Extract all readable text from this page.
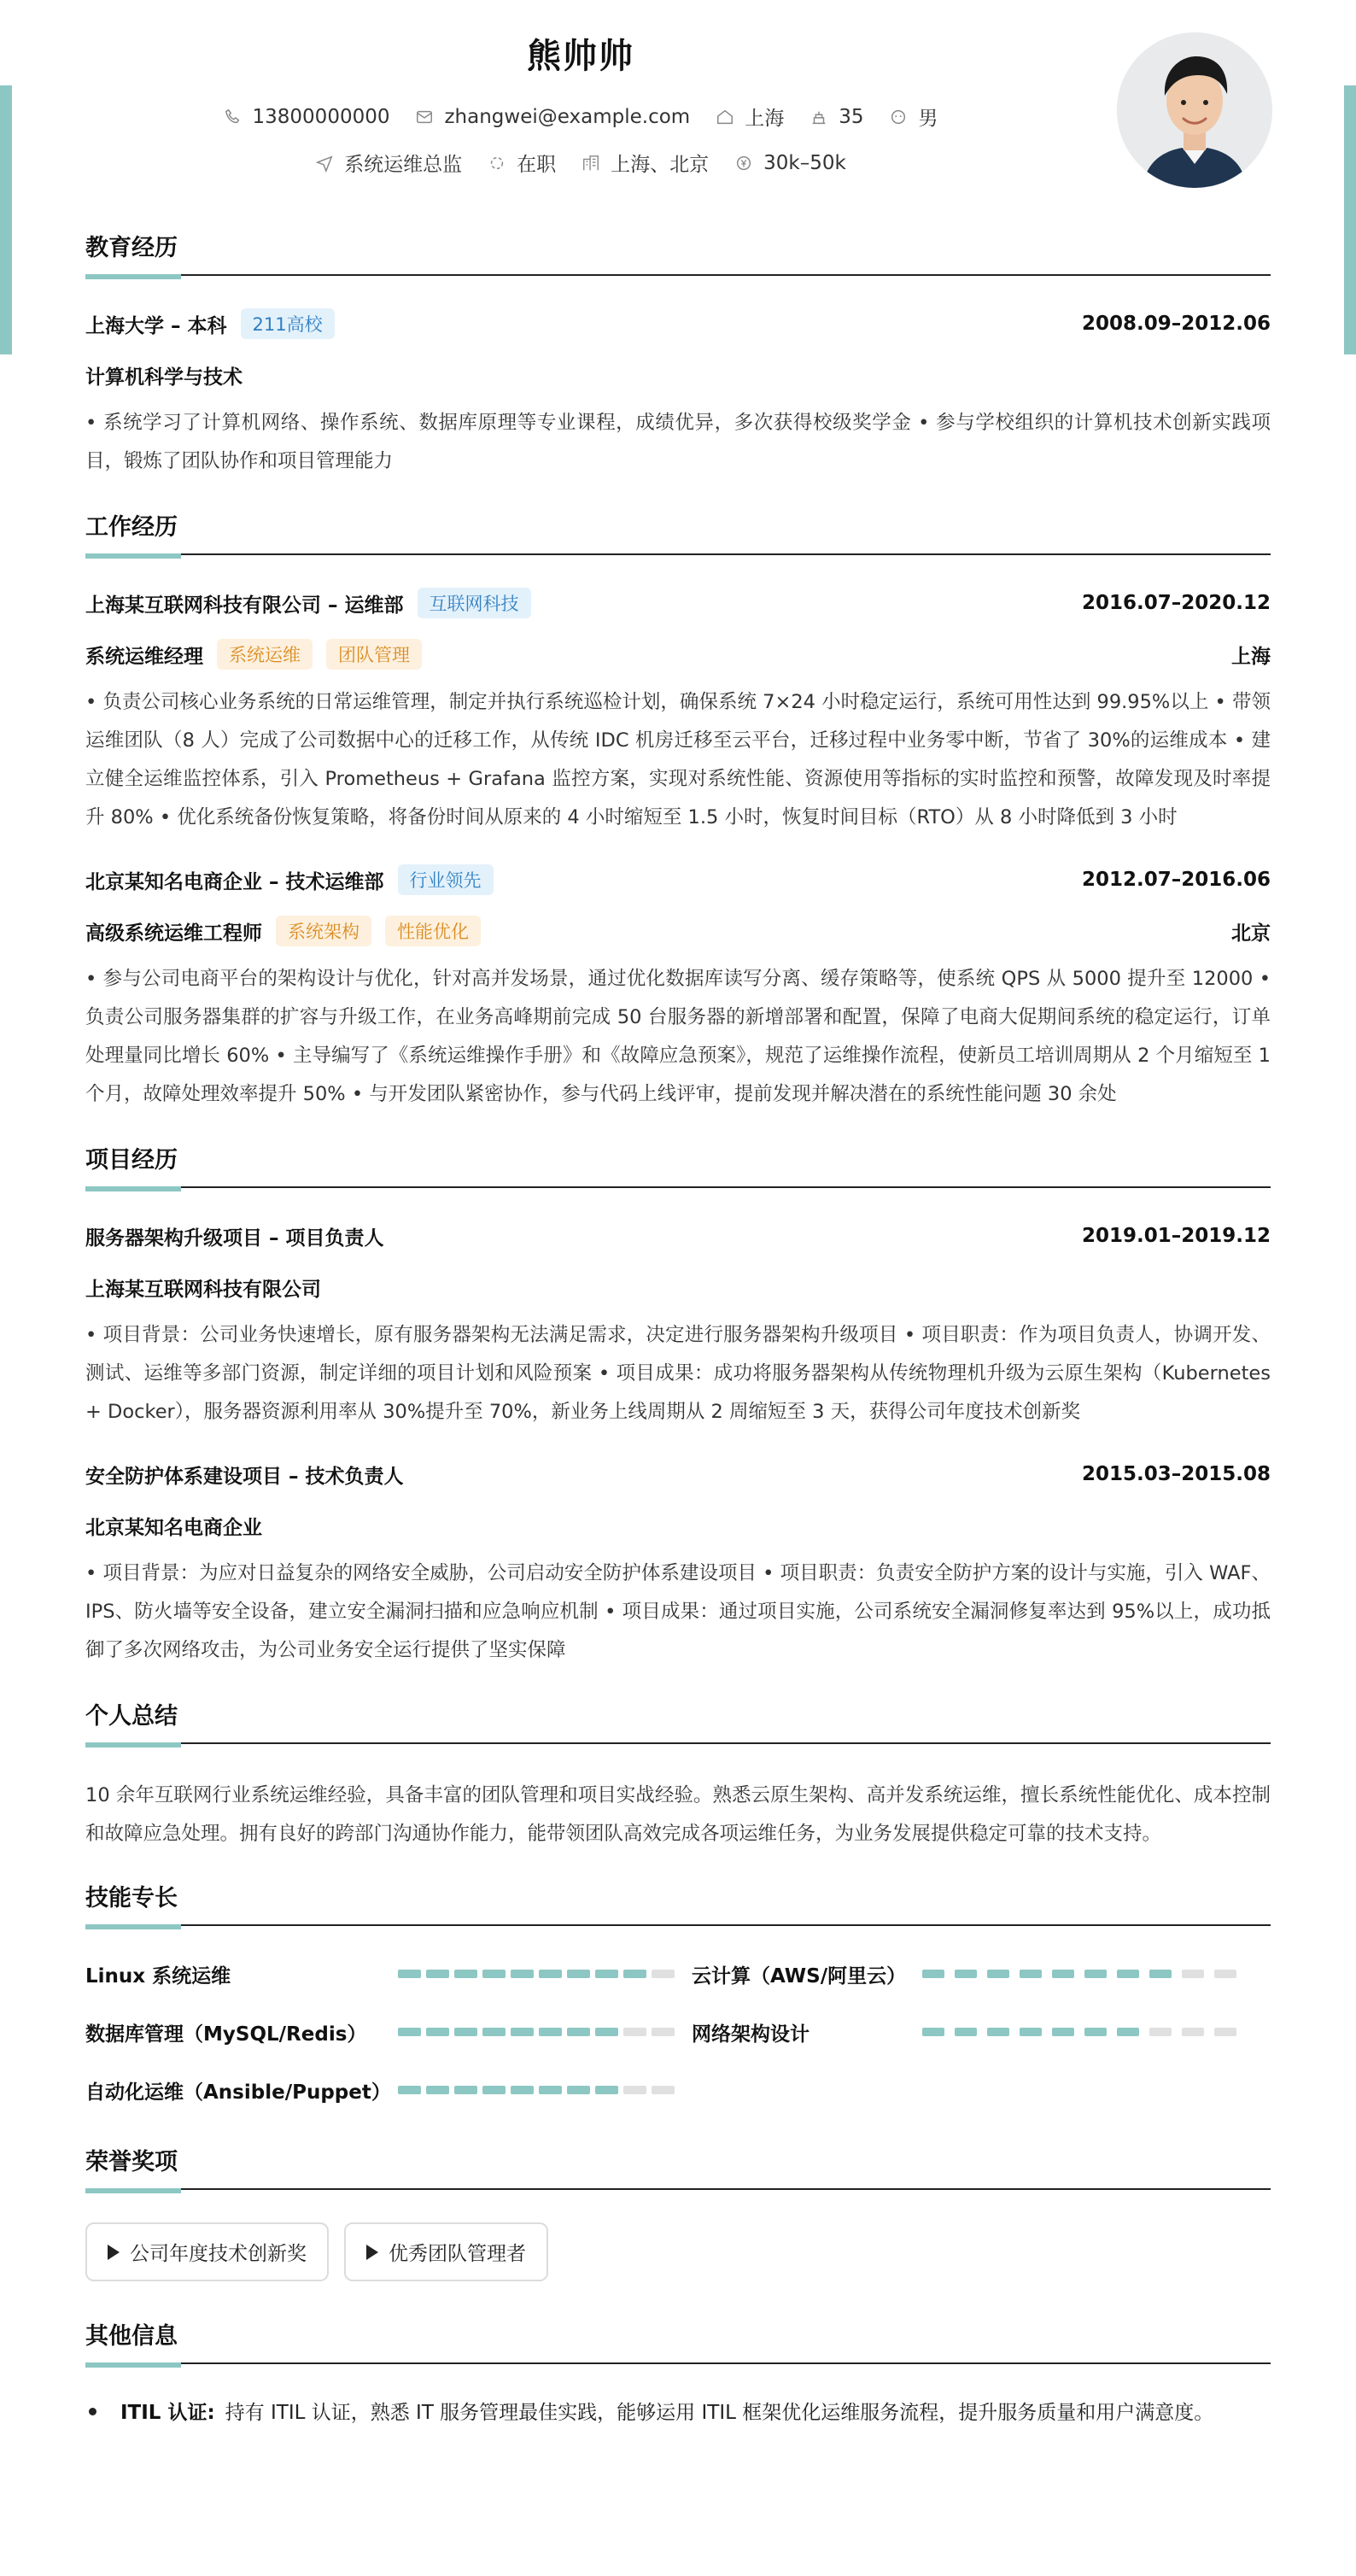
熊帅帅
13800000000	zhangwei@example.com	上海	35	男
系统运维总监	在职	上海、北京	30k–50k
教育经历
上海大学 – 本科	211高校	2008.09–2012.06
计算机科学与技术
• 系统学习了计算机网络、操作系统、数据库原理等专业课程，成绩优异，多次获得校级奖学金 • 参与学校组织的计算机技术创新实践项目，锻炼了团队协作和项目管理能力
工作经历
上海某互联网科技有限公司 – 运维部	互联网科技	2016.07–2020.12
系统运维经理	系统运维	团队管理	上海
• 负责公司核心业务系统的日常运维管理，制定并执行系统巡检计划，确保系统 7×24 小时稳定运行，系统可用性达到 99.95%以上 • 带领运维团队（8 人）完成了公司数据中心的迁移工作，从传统 IDC 机房迁移至云平台，迁移过程中业务零中断，节省了 30%的运维成本 • 建立健全运维监控体系，引入 Prometheus + Grafana 监控方案，实现对系统性能、资源使用等指标的实时监控和预警，故障发现及时率提升 80% • 优化系统备份恢复策略，将备份时间从原来的 4 小时缩短至 1.5 小时，恢复时间目标（RTO）从 8 小时降低到 3 小时
北京某知名电商企业 – 技术运维部	行业领先	2012.07–2016.06
高级系统运维工程师	系统架构	性能优化	北京
• 参与公司电商平台的架构设计与优化，针对高并发场景，通过优化数据库读写分离、缓存策略等，使系统 QPS 从 5000 提升至 12000 • 负责公司服务器集群的扩容与升级工作，在业务高峰期前完成 50 台服务器的新增部署和配置，保障了电商大促期间系统的稳定运行，订单处理量同比增长 60% • 主导编写了《系统运维操作手册》和《故障应急预案》，规范了运维操作流程，使新员工培训周期从 2 个月缩短至 1 个月，故障处理效率提升 50% • 与开发团队紧密协作，参与代码上线评审，提前发现并解决潜在的系统性能问题 30 余处
项目经历
服务器架构升级项目 – 项目负责人	2019.01–2019.12
上海某互联网科技有限公司
• 项目背景：公司业务快速增长，原有服务器架构无法满足需求，决定进行服务器架构升级项目 • 项目职责：作为项目负责人，协调开发、测试、运维等多部门资源，制定详细的项目计划和风险预案 • 项目成果：成功将服务器架构从传统物理机升级为云原生架构（Kubernetes + Docker），服务器资源利用率从 30%提升至 70%，新业务上线周期从 2 周缩短至 3 天，获得公司年度技术创新奖
安全防护体系建设项目 – 技术负责人	2015.03–2015.08
北京某知名电商企业
• 项目背景：为应对日益复杂的网络安全威胁，公司启动安全防护体系建设项目 • 项目职责：负责安全防护方案的设计与实施，引入 WAF、IPS、防火墙等安全设备，建立安全漏洞扫描和应急响应机制 • 项目成果：通过项目实施，公司系统安全漏洞修复率达到 95%以上，成功抵御了多次网络攻击，为公司业务安全运行提供了坚实保障
个人总结
10 余年互联网行业系统运维经验，具备丰富的团队管理和项目实战经验。熟悉云原生架构、高并发系统运维，擅长系统性能优化、成本控制和故障应急处理。拥有良好的跨部门沟通协作能力，能带领团队高效完成各项运维任务，为业务发展提供稳定可靠的技术支持。
技能专长
Linux 系统运维	云计算（AWS/阿里云）
数据库管理（MySQL/Redis）	网络架构设计
自动化运维（Ansible/Puppet）
荣誉奖项
公司年度技术创新奖	优秀团队管理者
其他信息
ITIL 认证: 持有 ITIL 认证，熟悉 IT 服务管理最佳实践，能够运用 ITIL 框架优化运维服务流程，提升服务质量和用户满意度。
